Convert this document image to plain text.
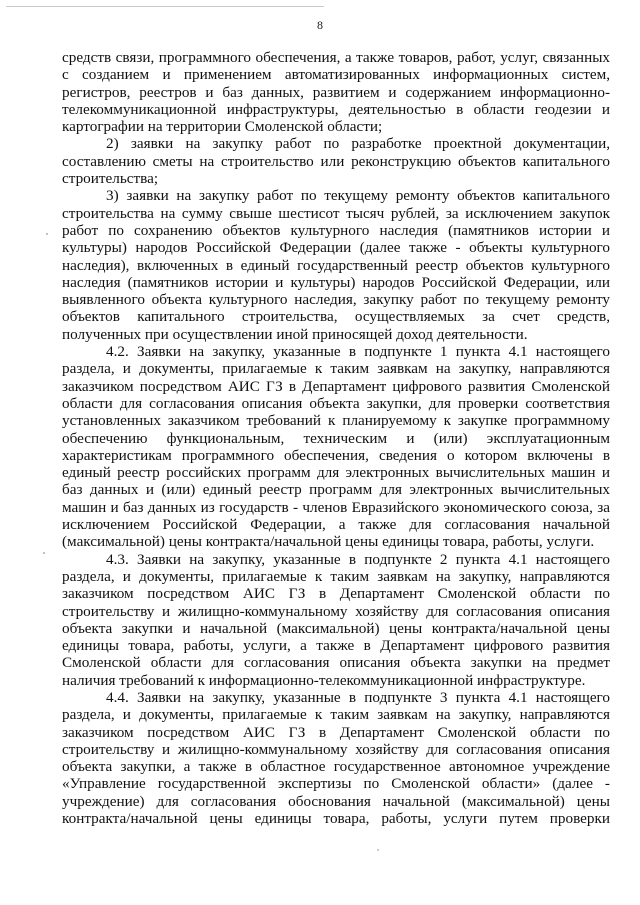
8

средств связи, программного обеспечения, а также товаров, работ, услуг, связанных с созданием и применением автоматизированных информационных систем, регистров, реестров и баз данных, развитием и содержанием информационно-телекоммуникационной инфраструктуры, деятельностью в области геодезии и картографии на территории Смоленской области;

2) заявки на закупку работ по разработке проектной документации, составлению сметы на строительство или реконструкцию объектов капитального строительства;

3) заявки на закупку работ по текущему ремонту объектов капитального строительства на сумму свыше шестисот тысяч рублей, за исключением закупок работ по сохранению объектов культурного наследия (памятников истории и культуры) народов Российской Федерации (далее также - объекты культурного наследия), включенных в единый государственный реестр объектов культурного наследия (памятников истории и культуры) народов Российской Федерации, или выявленного объекта культурного наследия, закупку работ по текущему ремонту объектов капитального строительства, осуществляемых за счет средств, полученных при осуществлении иной приносящей доход деятельности.

4.2. Заявки на закупку, указанные в подпункте 1 пункта 4.1 настоящего раздела, и документы, прилагаемые к таким заявкам на закупку, направляются заказчиком посредством АИС ГЗ в Департамент цифрового развития Смоленской области для согласования описания объекта закупки, для проверки соответствия установленных заказчиком требований к планируемому к закупке программному обеспечению функциональным, техническим и (или) эксплуатационным характеристикам программного обеспечения, сведения о котором включены в единый реестр российских программ для электронных вычислительных машин и баз данных и (или) единый реестр программ для электронных вычислительных машин и баз данных из государств - членов Евразийского экономического союза, за исключением Российской Федерации, а также для согласования начальной (максимальной) цены контракта/начальной цены единицы товара, работы, услуги.

4.3. Заявки на закупку, указанные в подпункте 2 пункта 4.1 настоящего раздела, и документы, прилагаемые к таким заявкам на закупку, направляются заказчиком посредством АИС ГЗ в Департамент Смоленской области по строительству и жилищно-коммунальному хозяйству для согласования описания объекта закупки и начальной (максимальной) цены контракта/начальной цены единицы товара, работы, услуги, а также в Департамент цифрового развития Смоленской области для согласования описания объекта закупки на предмет наличия требований к информационно-телекоммуникационной инфраструктуре.

4.4. Заявки на закупку, указанные в подпункте 3 пункта 4.1 настоящего раздела, и документы, прилагаемые к таким заявкам на закупку, направляются заказчиком посредством АИС ГЗ в Департамент Смоленской области по строительству и жилищно-коммунальному хозяйству для согласования описания объекта закупки, а также в областное государственное автономное учреждение «Управление государственной экспертизы по Смоленской области» (далее - учреждение) для согласования обоснования начальной (максимальной) цены контракта/начальной цены единицы товара, работы, услуги путем проверки
